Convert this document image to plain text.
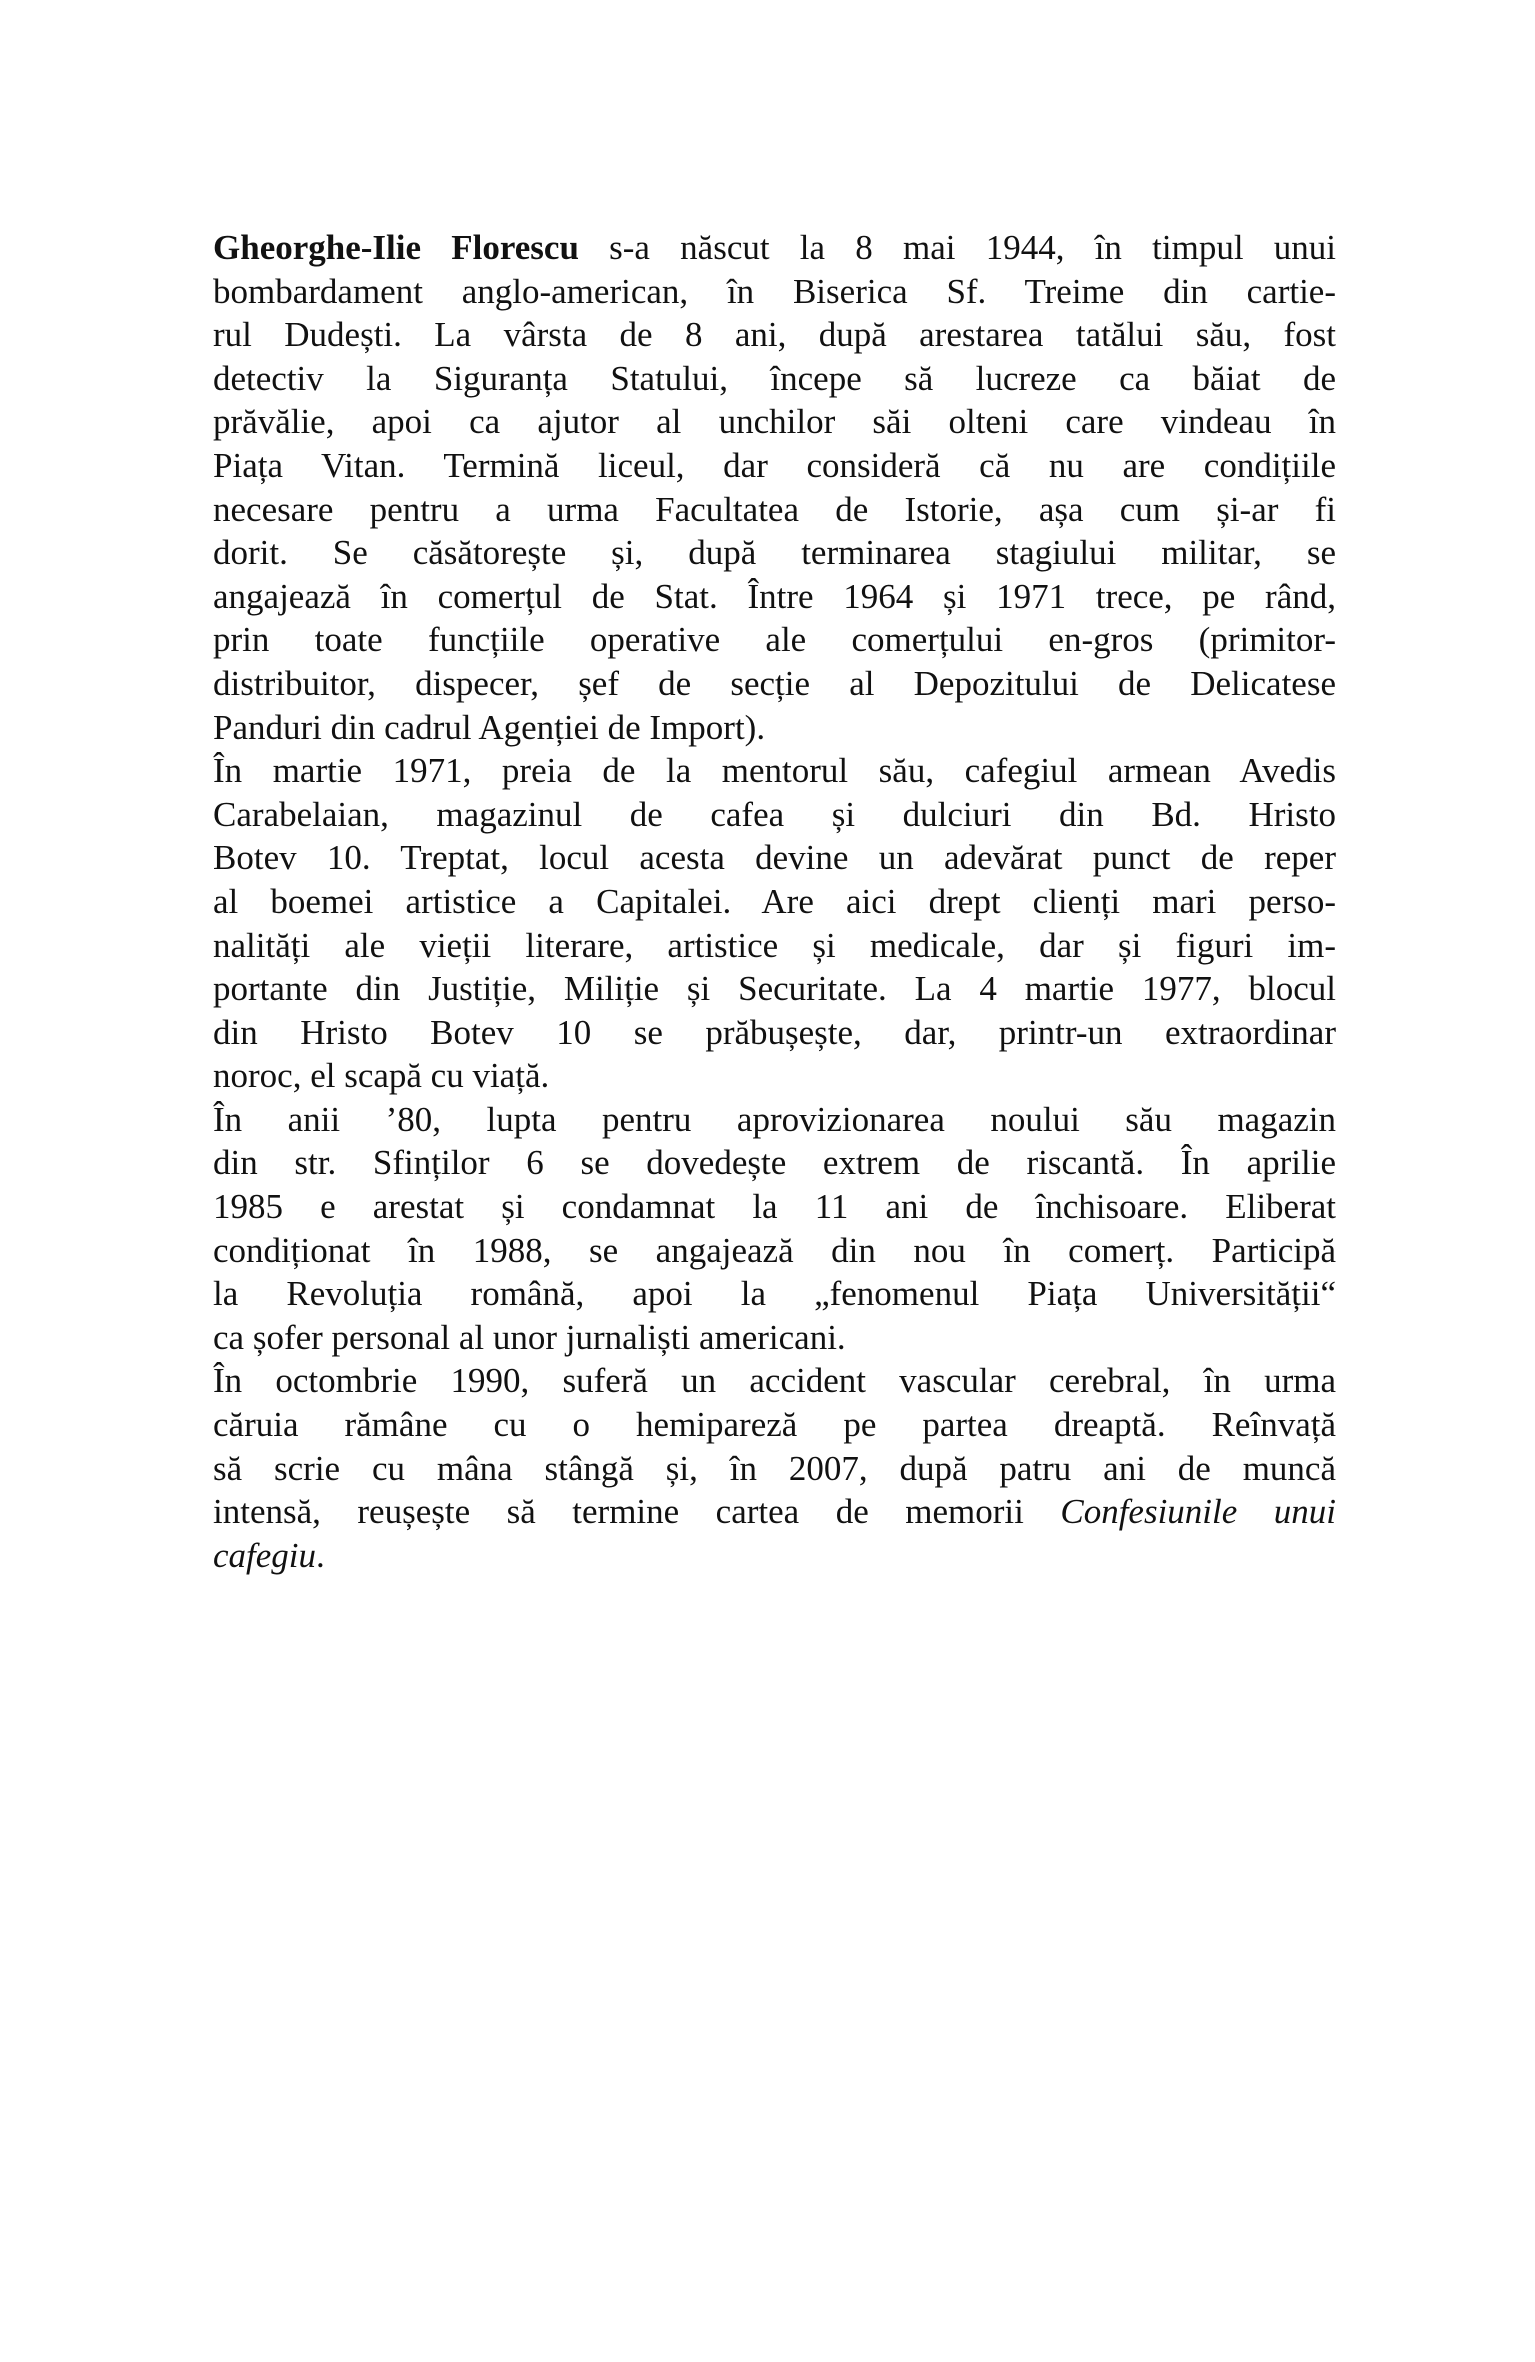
Gheorghe-Ilie Florescu s-a născut la 8 mai 1944, în timpul unui
bombardament anglo-american, în Biserica Sf. Treime din cartie-
rul Dudești. La vârsta de 8 ani, după arestarea tatălui său, fost
detectiv la Siguranța Statului, începe să lucreze ca băiat de
prăvălie, apoi ca ajutor al unchilor săi olteni care vindeau în
Piața Vitan. Termină liceul, dar consideră că nu are condițiile
necesare pentru a urma Facultatea de Istorie, așa cum și-ar fi
dorit. Se căsătorește și, după terminarea stagiului militar, se
angajează în comerțul de Stat. Între 1964 și 1971 trece, pe rând,
prin toate funcțiile operative ale comerțului en-gros (primitor-
distribuitor, dispecer, șef de secție al Depozitului de Delicatese
Panduri din cadrul Agenției de Import).
În martie 1971, preia de la mentorul său, cafegiul armean Avedis
Carabelaian, magazinul de cafea și dulciuri din Bd. Hristo
Botev 10. Treptat, locul acesta devine un adevărat punct de reper
al boemei artistice a Capitalei. Are aici drept clienți mari perso-
nalități ale vieții literare, artistice și medicale, dar și figuri im-
portante din Justiție, Miliție și Securitate. La 4 martie 1977, blocul
din Hristo Botev 10 se prăbușește, dar, printr-un extraordinar
noroc, el scapă cu viață.
În anii ’80, lupta pentru aprovizionarea noului său magazin
din str. Sfinților 6 se dovedește extrem de riscantă. În aprilie
1985 e arestat și condamnat la 11 ani de închisoare. Eliberat
condiționat în 1988, se angajează din nou în comerț. Participă
la Revoluția română, apoi la „fenomenul Piața Universității“
ca șofer personal al unor jurnaliști americani.
În octombrie 1990, suferă un accident vascular cerebral, în urma
căruia rămâne cu o hemipareză pe partea dreaptă. Reînvață
să scrie cu mâna stângă și, în 2007, după patru ani de muncă
intensă, reușește să termine cartea de memorii Confesiunile unui
cafegiu.
